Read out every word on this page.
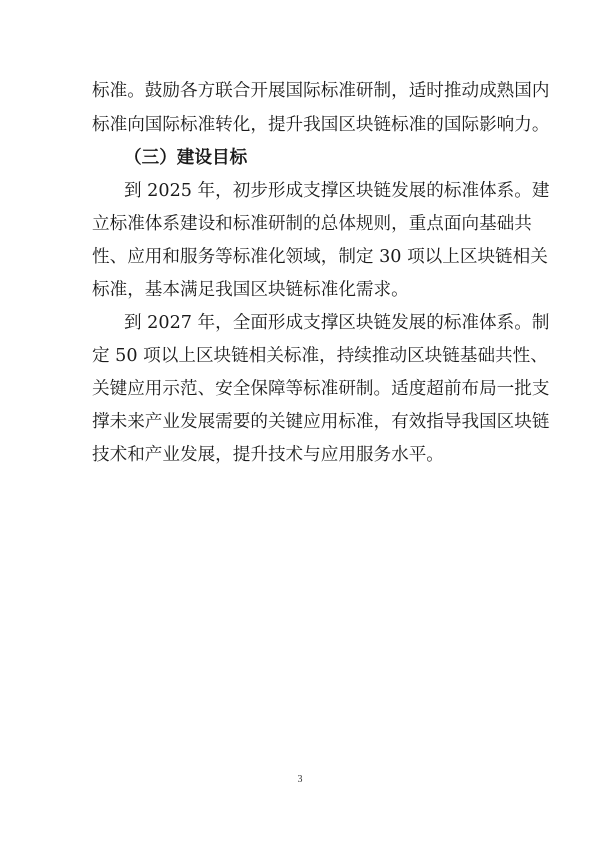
标准。鼓励各方联合开展国际标准研制，适时推动成熟国内
标准向国际标准转化，提升我国区块链标准的国际影响力。
（三）建设目标
到 2025 年，初步形成支撑区块链发展的标准体系。建
立标准体系建设和标准研制的总体规则，重点面向基础共
性、应用和服务等标准化领域，制定 30 项以上区块链相关
标准，基本满足我国区块链标准化需求。
到 2027 年，全面形成支撑区块链发展的标准体系。制
定 50 项以上区块链相关标准，持续推动区块链基础共性、
关键应用示范、安全保障等标准研制。适度超前布局一批支
撑未来产业发展需要的关键应用标准，有效指导我国区块链
技术和产业发展，提升技术与应用服务水平。
3
